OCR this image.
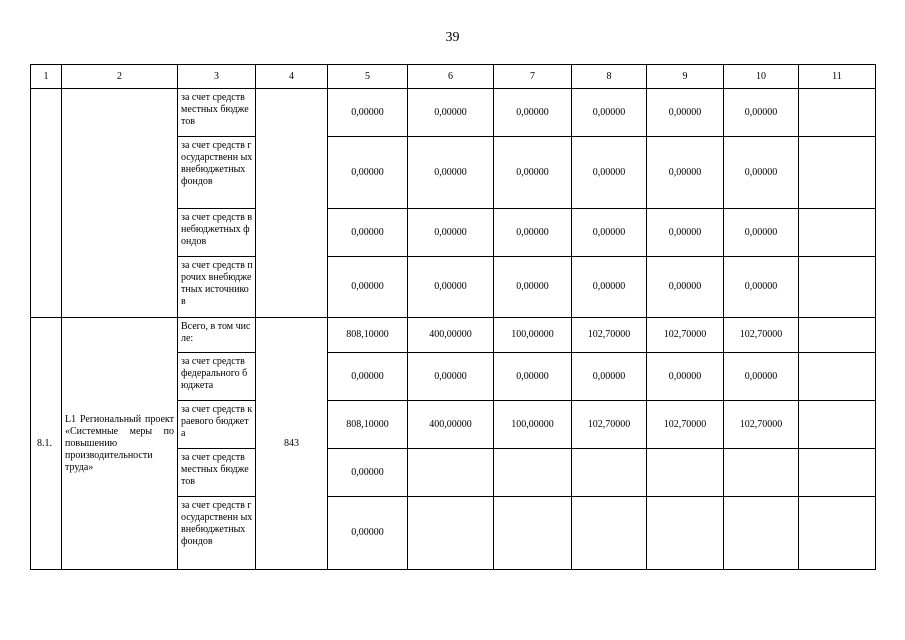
39
1	2	3	4	5	6	7	8	9	10	11
		за счет средств местных бюджетов		0,00000	0,00000	0,00000	0,00000	0,00000	0,00000	
		за счет средств государственн ых внебюджетных фондов		0,00000	0,00000	0,00000	0,00000	0,00000	0,00000	
		за счет средств внебюджетных фондов		0,00000	0,00000	0,00000	0,00000	0,00000	0,00000	
		за счет средств прочих внебюджетных источников		0,00000	0,00000	0,00000	0,00000	0,00000	0,00000	
8.1.	L1 Региональный проект «Системные меры по повышению производительности труда»	Всего, в том числе:	843	808,10000	400,00000	100,00000	102,70000	102,70000	102,70000	
		за счет средств федерального бюджета		0,00000	0,00000	0,00000	0,00000	0,00000	0,00000	
		за счет средств краевого бюджета		808,10000	400,00000	100,00000	102,70000	102,70000	102,70000	
		за счет средств местных бюджетов		0,00000						
		за счет средств государственн ых внебюджетных фондов		0,00000						
